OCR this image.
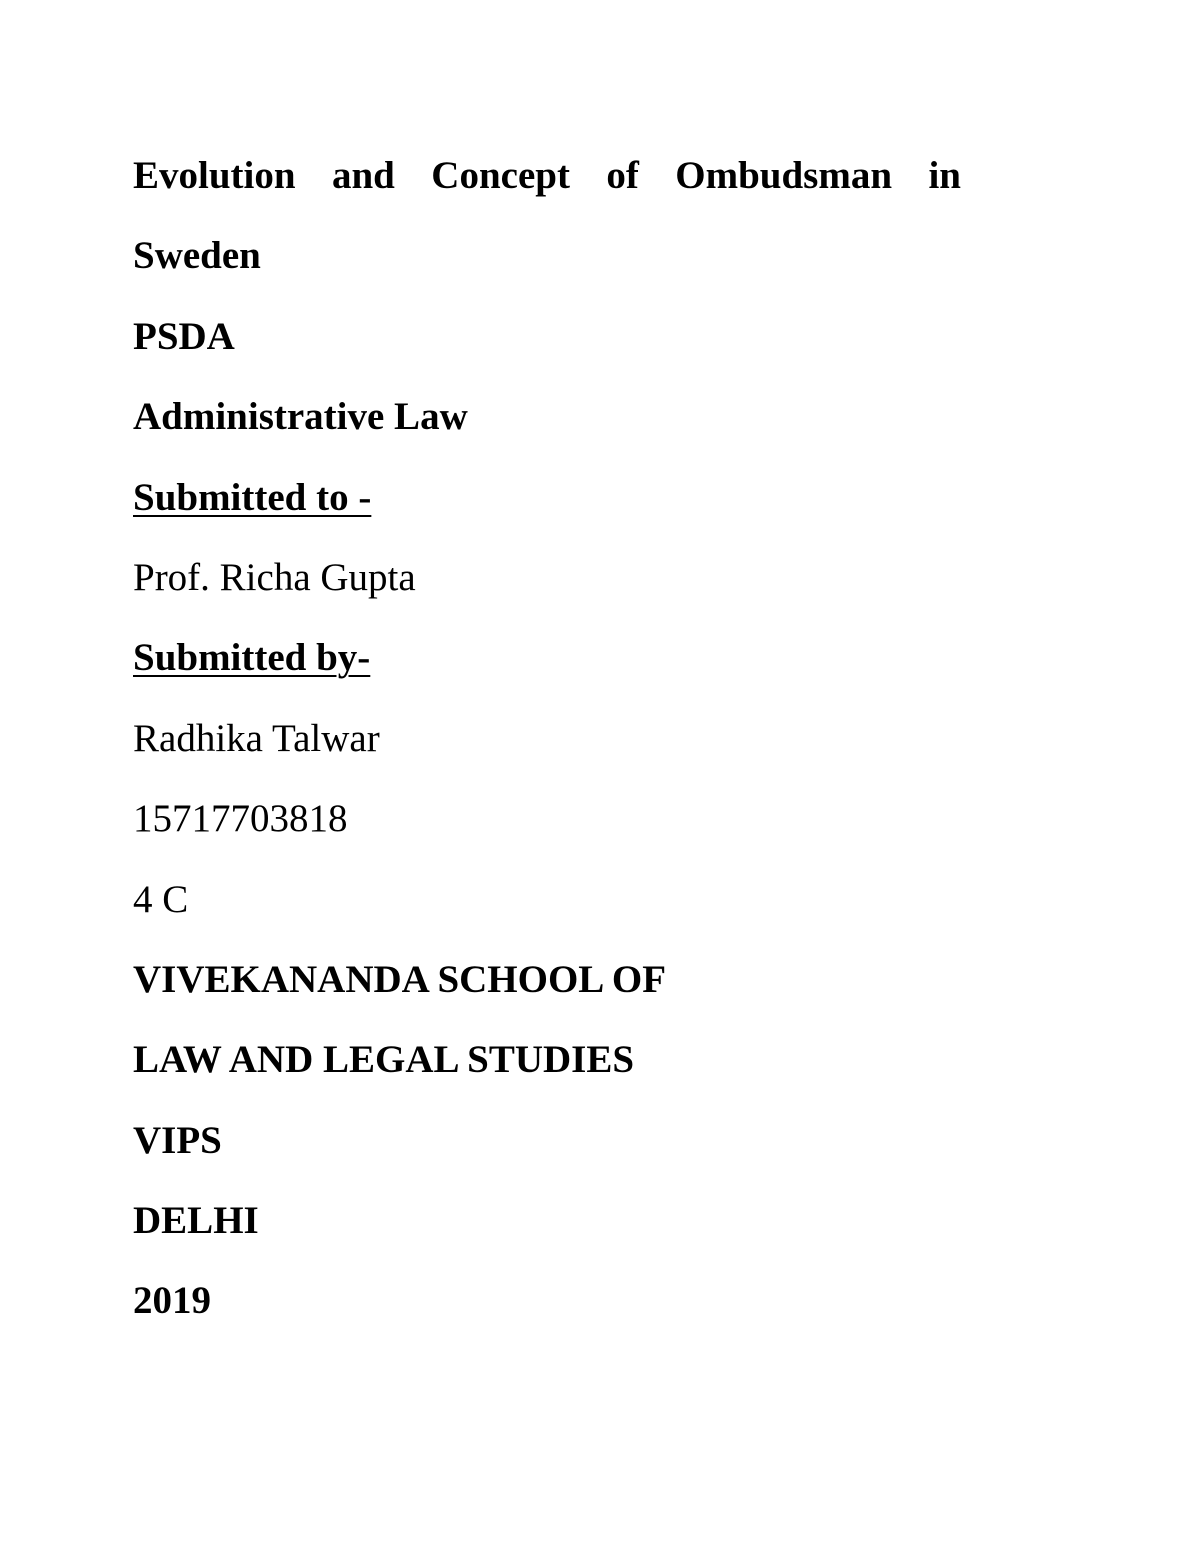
Evolution and Concept of Ombudsman in

Sweden

PSDA

Administrative Law

Submitted to -

Prof. Richa Gupta

Submitted by-

Radhika Talwar

15717703818

4 C

VIVEKANANDA SCHOOL OF

LAW AND LEGAL STUDIES

VIPS

DELHI

2019
